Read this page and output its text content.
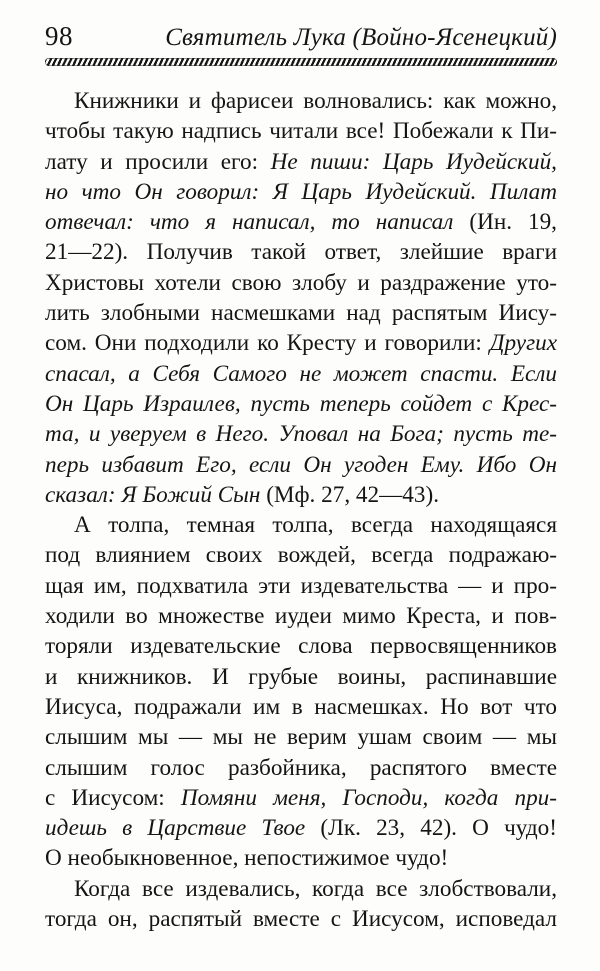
98	Святитель Лука (Войно-Ясенецкий)
Книжники и фарисеи волновались: как можно,
чтобы такую надпись читали все! Побежали к Пи-
лату и просили его: Не пиши: Царь Иудейский,
но что Он говорил: Я Царь Иудейский. Пилат
отвечал: что я написал, то написал (Ин. 19,
21—22). Получив такой ответ, злейшие враги
Христовы хотели свою злобу и раздражение уто-
лить злобными насмешками над распятым Иису-
сом. Они подходили ко Кресту и говорили: Других
спасал, а Себя Самого не может спасти. Если
Он Царь Израилев, пусть теперь сойдет с Крес-
та, и уверуем в Него. Уповал на Бога; пусть те-
перь избавит Его, если Он угоден Ему. Ибо Он
сказал: Я Божий Сын (Мф. 27, 42—43).
А толпа, темная толпа, всегда находящаяся
под влиянием своих вождей, всегда подражаю-
щая им, подхватила эти издевательства — и про-
ходили во множестве иудеи мимо Креста, и пов-
торяли издевательские слова первосвященников
и книжников. И грубые воины, распинавшие
Иисуса, подражали им в насмешках. Но вот что
слышим мы — мы не верим ушам своим — мы
слышим голос разбойника, распятого вместе
с Иисусом: Помяни меня, Господи, когда при-
идешь в Царствие Твое (Лк. 23, 42). О чудо!
О необыкновенное, непостижимое чудо!
Когда все издевались, когда все злобствовали,
тогда он, распятый вместе с Иисусом, исповедал
